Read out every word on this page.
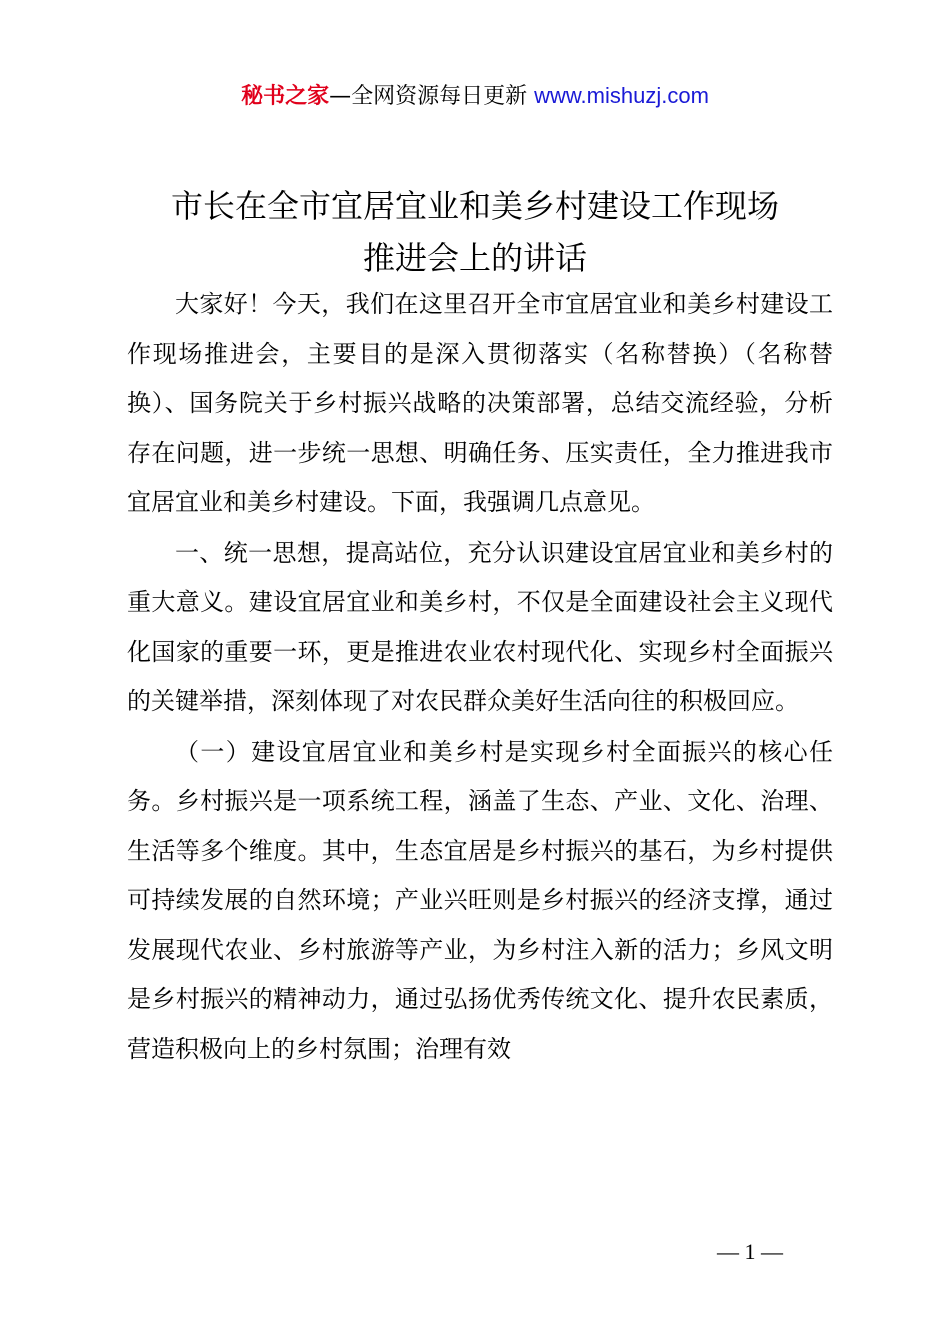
秘书之家—全网资源每日更新 www.mishuzj.com
市长在全市宜居宜业和美乡村建设工作现场
推进会上的讲话

大家好！今天，我们在这里召开全市宜居宜业和美乡村建设工作现场推进会，主要目的是深入贯彻落实（名称替换）（名称替换）、国务院关于乡村振兴战略的决策部署，总结交流经验，分析存在问题，进一步统一思想、明确任务、压实责任，全力推进我市宜居宜业和美乡村建设。下面，我强调几点意见。

一、统一思想，提高站位，充分认识建设宜居宜业和美乡村的重大意义。建设宜居宜业和美乡村，不仅是全面建设社会主义现代化国家的重要一环，更是推进农业农村现代化、实现乡村全面振兴的关键举措，深刻体现了对农民群众美好生活向往的积极回应。

（一）建设宜居宜业和美乡村是实现乡村全面振兴的核心任务。乡村振兴是一项系统工程，涵盖了生态、产业、文化、治理、生活等多个维度。其中，生态宜居是乡村振兴的基石，为乡村提供可持续发展的自然环境；产业兴旺则是乡村振兴的经济支撑，通过发展现代农业、乡村旅游等产业，为乡村注入新的活力；乡风文明是乡村振兴的精神动力，通过弘扬优秀传统文化、提升农民素质，营造积极向上的乡村氛围；治理有效

— 1 —
